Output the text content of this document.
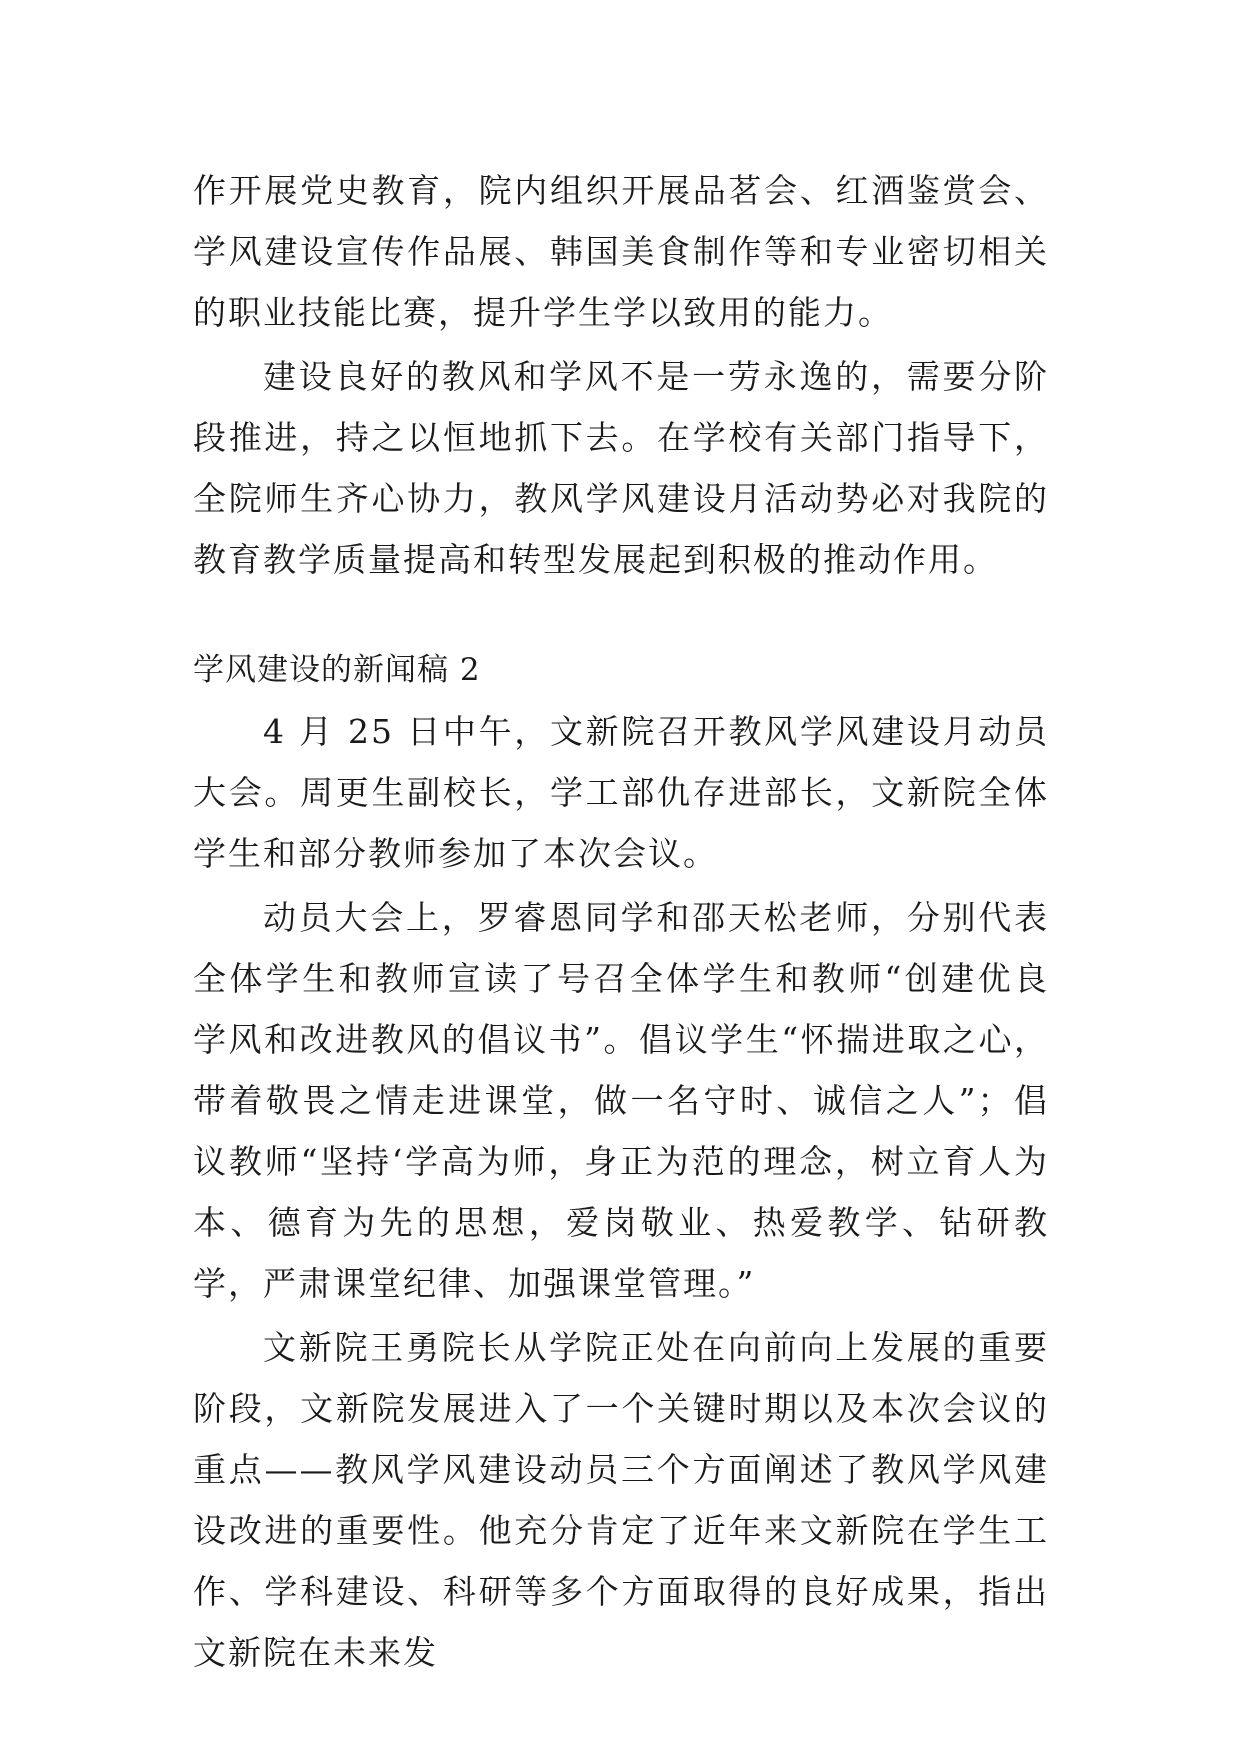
作开展党史教育，院内组织开展品茗会、红酒鉴赏会、学风建设宣传作品展、韩国美食制作等和专业密切相关的职业技能比赛，提升学生学以致用的能力。

建设良好的教风和学风不是一劳永逸的，需要分阶段推进，持之以恒地抓下去。在学校有关部门指导下，全院师生齐心协力，教风学风建设月活动势必对我院的教育教学质量提高和转型发展起到积极的推动作用。

学风建设的新闻稿 2

4 月 25 日中午，文新院召开教风学风建设月动员大会。周更生副校长，学工部仇存进部长，文新院全体学生和部分教师参加了本次会议。

动员大会上，罗睿恩同学和邵天松老师，分别代表全体学生和教师宣读了号召全体学生和教师“创建优良学风和改进教风的倡议书”。倡议学生“怀揣进取之心，带着敬畏之情走进课堂，做一名守时、诚信之人”；倡议教师“坚持‘学高为师，身正为范的理念，树立育人为本、德育为先的思想，爱岗敬业、热爱教学、钻研教学，严肃课堂纪律、加强课堂管理。”

文新院王勇院长从学院正处在向前向上发展的重要阶段，文新院发展进入了一个关键时期以及本次会议的重点——教风学风建设动员三个方面阐述了教风学风建设改进的重要性。他充分肯定了近年来文新院在学生工作、学科建设、科研等多个方面取得的良好成果，指出文新院在未来发
